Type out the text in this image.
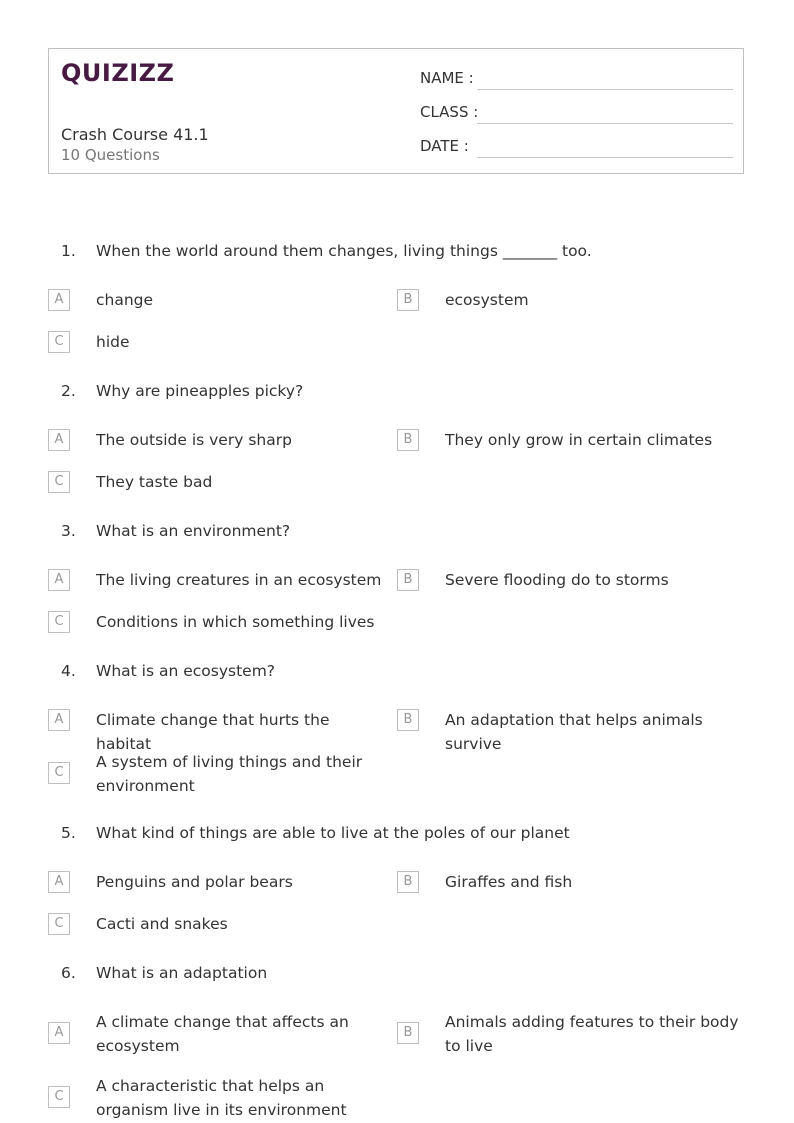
QUIZIZZ
Crash Course 41.1
10 Questions
NAME :
CLASS :
DATE :
1. When the world around them changes, living things _______ too.
A	change	B	ecosystem
C	hide
2. Why are pineapples picky?
A	The outside is very sharp	B	They only grow in certain climates
C	They taste bad
3. What is an environment?
A	The living creatures in an ecosystem	B	Severe flooding do to storms
C	Conditions in which something lives
4. What is an ecosystem?
A	Climate change that hurts the habitat
B	An adaptation that helps animals survive
C
A system of living things and their environment
5. What kind of things are able to live at the poles of our planet
A	Penguins and polar bears	B	Giraffes and fish
C	Cacti and snakes
6. What is an adaptation
A
A climate change that affects an ecosystem
B
Animals adding features to their body to live
C
A characteristic that helps an organism live in its environment
